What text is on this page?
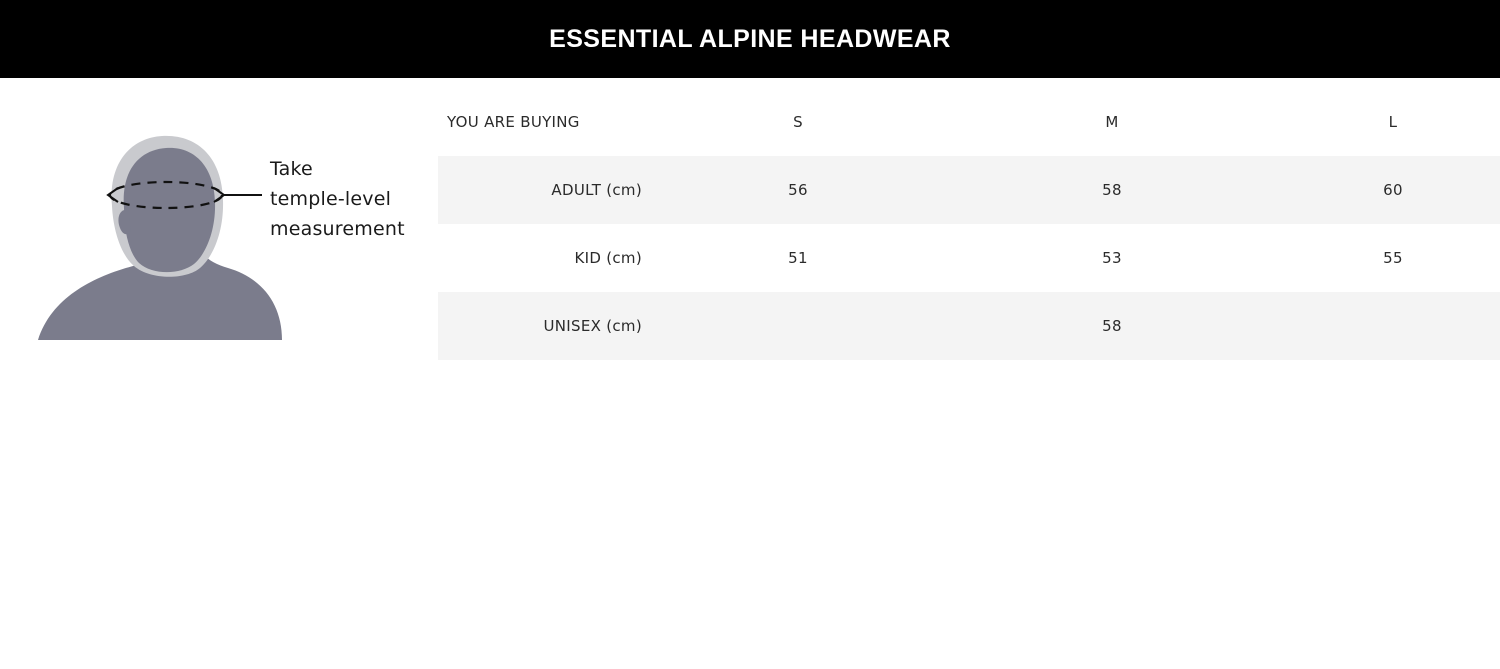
ESSENTIAL ALPINE HEADWEAR
Take
temple-level
measurement
YOU ARE BUYING	S	M	L
ADULT (cm)	56	58	60
KID (cm)	51	53	55
UNISEX (cm)		58	
